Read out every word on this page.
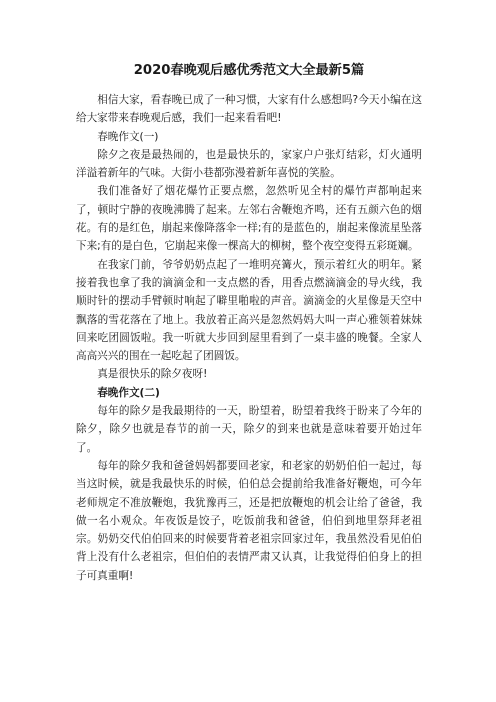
2020春晚观后感优秀范文大全最新5篇

相信大家，看春晚已成了一种习惯，大家有什么感想吗?今天小编在这给大家带来春晚观后感，我们一起来看看吧!

春晚作文(一)

除夕之夜是最热闹的，也是最快乐的，家家户户张灯结彩，灯火通明洋溢着新年的气味。大街小巷都弥漫着新年喜悦的笑脸。

我们准备好了烟花爆竹正要点燃，忽然听见全村的爆竹声都响起来了，顿时宁静的夜晚沸腾了起来。左邻右舍鞭炮齐鸣，还有五颜六色的烟花。有的是红色，崩起来像降落伞一样;有的是蓝色的，崩起来像流星坠落下来;有的是白色，它崩起来像一棵高大的柳树，整个夜空变得五彩斑斓。

在我家门前，爷爷奶奶点起了一堆明亮篝火，预示着红火的明年。紧接着我也拿了我的滴滴金和一支点燃的香，用香点燃滴滴金的导火线，我顺时针的摆动手臂顿时响起了噼里啪啦的声音。滴滴金的火星像是天空中飘落的雪花落在了地上。我放着正高兴是忽然妈妈大叫一声心雅领着妹妹回来吃团圆饭啦。我一听就大步回到屋里看到了一桌丰盛的晚餐。全家人高高兴兴的围在一起吃起了团圆饭。

真是很快乐的除夕夜呀!

春晚作文(二)

每年的除夕是我最期待的一天，盼望着，盼望着我终于盼来了今年的除夕，除夕也就是春节的前一天，除夕的到来也就是意味着要开始过年了。

每年的除夕我和爸爸妈妈都要回老家，和老家的奶奶伯伯一起过，每当这时候，就是我最快乐的时候，伯伯总会提前给我准备好鞭炮，可今年老师规定不准放鞭炮，我犹豫再三，还是把放鞭炮的机会让给了爸爸，我做一名小观众。年夜饭是饺子，吃饭前我和爸爸，伯伯到地里祭拜老祖宗。奶奶交代伯伯回来的时候要背着老祖宗回家过年，我虽然没看见伯伯背上没有什么老祖宗，但伯伯的表情严肃又认真，让我觉得伯伯身上的担子可真重啊!
